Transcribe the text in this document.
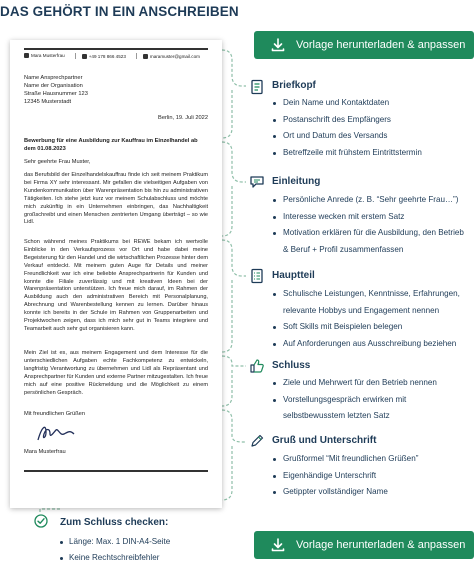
DAS GEHÖRT IN EIN ANSCHREIBEN
Mara Musterfrau	+49 178 866 4523	maramuster@gmail.com
Name Ansprechpartner
Name der Organisation
Straße Hausnummer 123
12345 Musterstadt
Berlin, 19. Juli 2022
Bewerbung für eine Ausbildung zur Kauffrau im Einzelhandel ab dem 01.08.2023
Sehr geehrte Frau Muster,
das Berufsbild der Einzelhandelskauffrau finde ich seit meinem Praktikum bei Firma XY sehr interessant. Mir gefallen die vielseitigen Aufgaben von Kundenkommunikation über Warenpräsentation bis hin zu administrativen Tätigkeiten. Ich stehe jetzt kurz vor meinem Schulabschluss und möchte mich zukünftig in ein Unternehmen einbringen, das Nachhaltigkeit großschreibt und einen Menschen zentrierten Umgang überträgt – so wie Lidl.
Schon während meines Praktikums bei REWE bekam ich wertvolle Einblicke in den Verkaufsprozess vor Ort und habe dabei meine Begeisterung für den Handel und die wirtschaftlichen Prozesse hinter dem Verkauf entdeckt. Mit meinem guten Auge für Details und meiner Freundlichkeit war ich eine beliebte Ansprechpartnerin für Kunden und konnte die Filiale zuverlässig und mit kreativen Ideen bei der Warenpräsentation unterstützen. Ich freue mich darauf, im Rahmen der Ausbildung auch den administrativen Bereich mit Personalplanung, Abrechnung und Warenbestellung kennen zu lernen. Darüber hinaus konnte ich bereits in der Schule im Rahmen von Gruppenarbeiten und Projektwochen zeigen, dass ich mich sehr gut in Teams integriere und Teamarbeit auch sehr gut organisieren kann.
Mein Ziel ist es, aus meinem Engagement und dem Interesse für die unterschiedlichen Aufgaben echte Fachkompetenz zu entwickeln, langfristig Verantwortung zu übernehmen und Lidl als Repräsentant und Ansprechpartner für Kunden und externe Partner mitzugestalten. Ich freue mich auf eine positive Rückmeldung und die Möglichkeit zu einem persönlichen Gespräch.
Mit freundlichen Grüßen
Mara Musterfrau
Vorlage herunterladen & anpassen
Briefkopf
Dein Name und Kontaktdaten
Postanschrift des Empfängers
Ort und Datum des Versands
Betreffzeile mit frühstem Eintrittstermin
Einleitung
Persönliche Anrede (z. B. “Sehr geehrte Frau…”)
Interesse wecken mit erstem Satz
Motivation erklären für die Ausbildung, den Betrieb
& Beruf + Profil zusammenfassen
Hauptteil
Schulische Leistungen, Kenntnisse, Erfahrungen,
relevante Hobbys und Engagement nennen
Soft Skills mit Beispielen belegen
Auf Anforderungen aus Ausschreibung beziehen
Schluss
Ziele und Mehrwert für den Betrieb nennen
Vorstellungsgespräch erwirken mit
selbstbewusstem letzten Satz
Gruß und Unterschrift
Grußformel “Mit freundlichen Grüßen”
Eigenhändige Unterschrift
Getippter vollständiger Name
Zum Schluss checken:
Länge: Max. 1 DIN-A4-Seite
Keine Rechtschreibfehler
Vorlage herunterladen & anpassen
